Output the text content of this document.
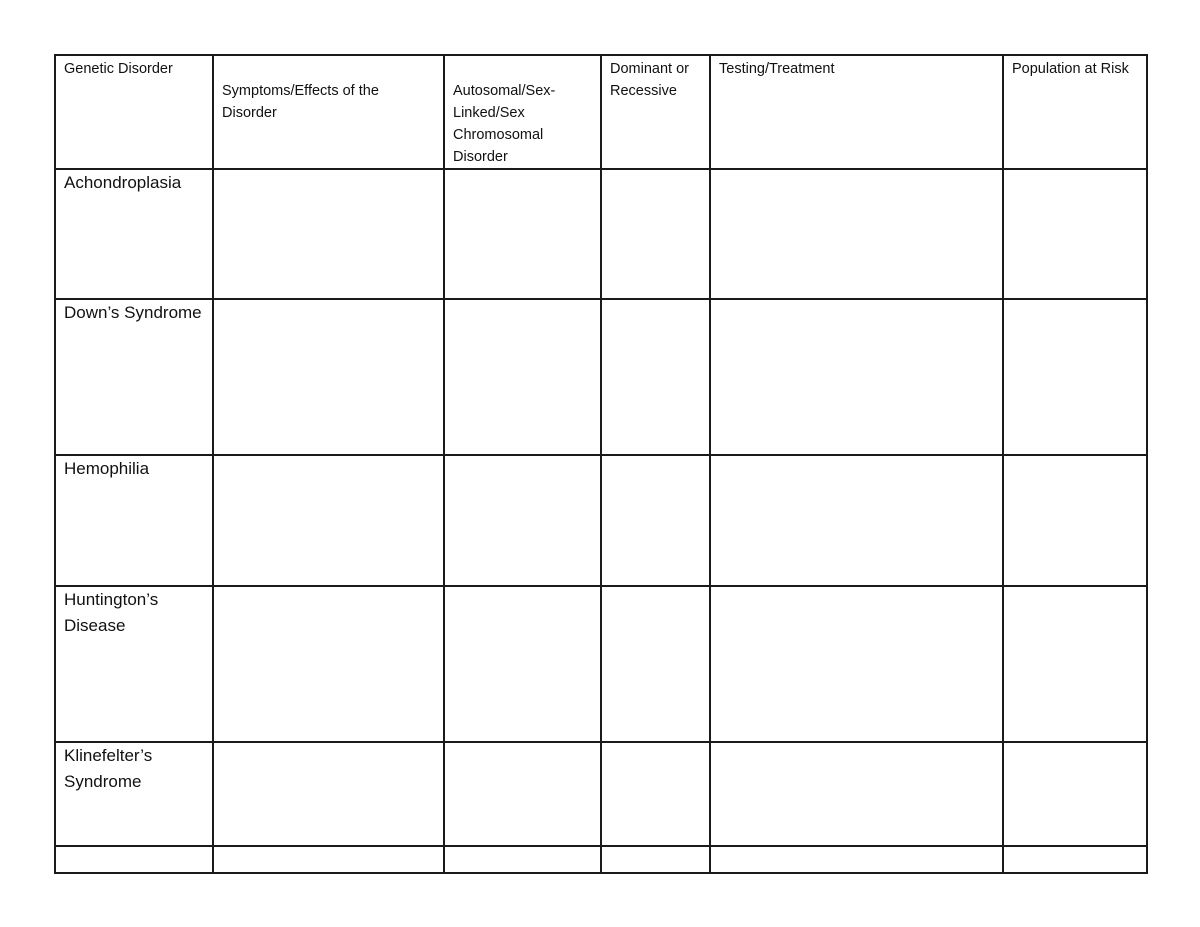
Genetic Disorder	Symptoms/Effects of the Disorder	Autosomal/Sex-Linked/Sex Chromosomal Disorder	Dominant or Recessive	Testing/Treatment	Population at Risk

Achondroplasia					

Down’s Syndrome					

Hemophilia					

Huntington’s Disease					

Klinefelter’s Syndrome					
